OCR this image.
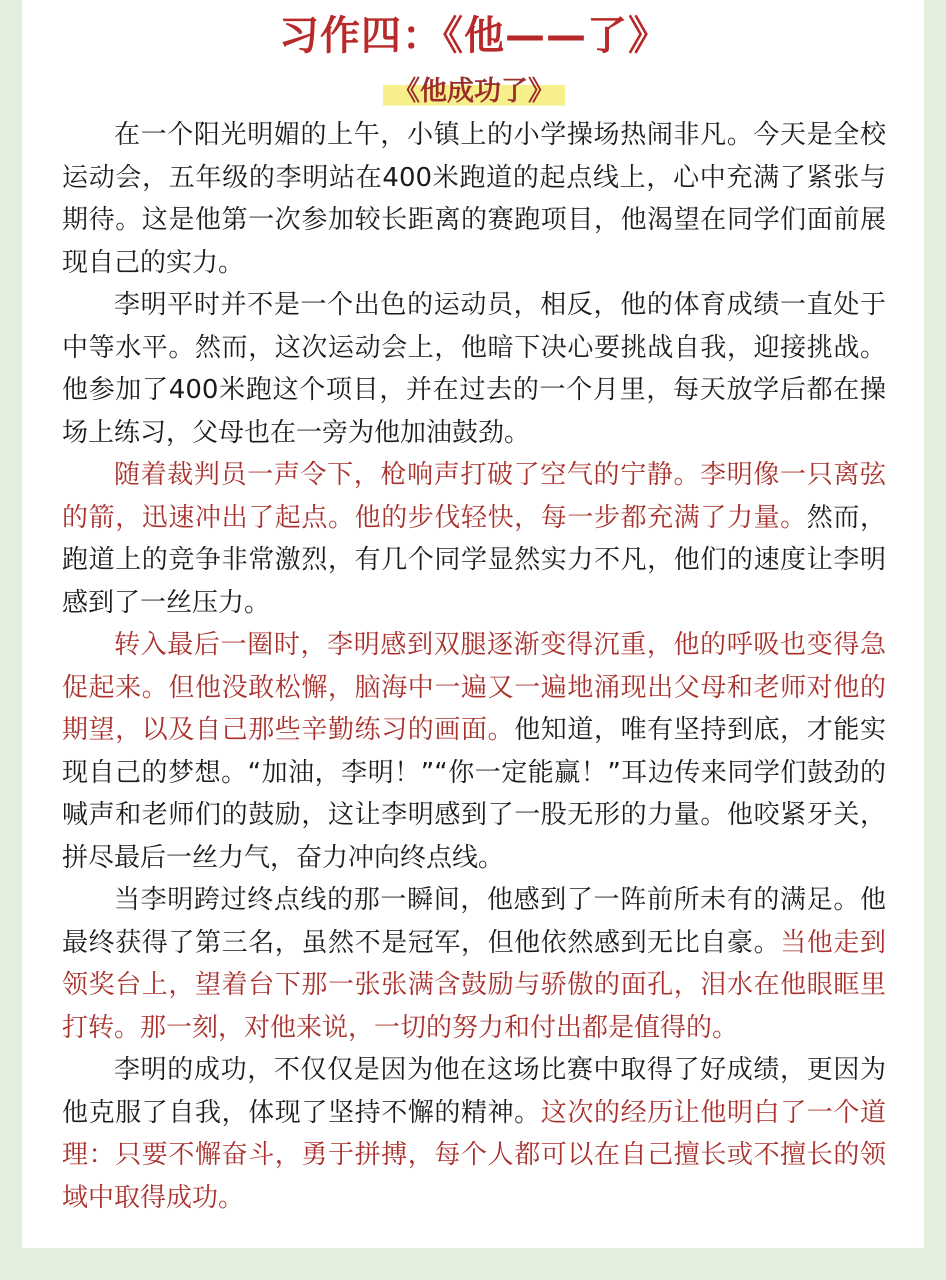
习作四：《他——了》
《他成功了》

在一个阳光明媚的上午，小镇上的小学操场热闹非凡。今天是全校运动会，五年级的李明站在400米跑道的起点线上，心中充满了紧张与期待。这是他第一次参加较长距离的赛跑项目，他渴望在同学们面前展现自己的实力。

李明平时并不是一个出色的运动员，相反，他的体育成绩一直处于中等水平。然而，这次运动会上，他暗下决心要挑战自我，迎接挑战。他参加了400米跑这个项目，并在过去的一个月里，每天放学后都在操场上练习，父母也在一旁为他加油鼓劲。

随着裁判员一声令下，枪响声打破了空气的宁静。李明像一只离弦的箭，迅速冲出了起点。他的步伐轻快，每一步都充满了力量。然而，跑道上的竞争非常激烈，有几个同学显然实力不凡，他们的速度让李明感到了一丝压力。

转入最后一圈时，李明感到双腿逐渐变得沉重，他的呼吸也变得急促起来。但他没敢松懈，脑海中一遍又一遍地涌现出父母和老师对他的期望，以及自己那些辛勤练习的画面。他知道，唯有坚持到底，才能实现自己的梦想。“加油，李明！”“你一定能赢！”耳边传来同学们鼓劲的喊声和老师们的鼓励，这让李明感到了一股无形的力量。他咬紧牙关，拼尽最后一丝力气，奋力冲向终点线。

当李明跨过终点线的那一瞬间，他感到了一阵前所未有的满足。他最终获得了第三名，虽然不是冠军，但他依然感到无比自豪。当他走到领奖台上，望着台下那一张张满含鼓励与骄傲的面孔，泪水在他眼眶里打转。那一刻，对他来说，一切的努力和付出都是值得的。

李明的成功，不仅仅是因为他在这场比赛中取得了好成绩，更因为他克服了自我，体现了坚持不懈的精神。这次的经历让他明白了一个道理：只要不懈奋斗，勇于拼搏，每个人都可以在自己擅长或不擅长的领域中取得成功。
